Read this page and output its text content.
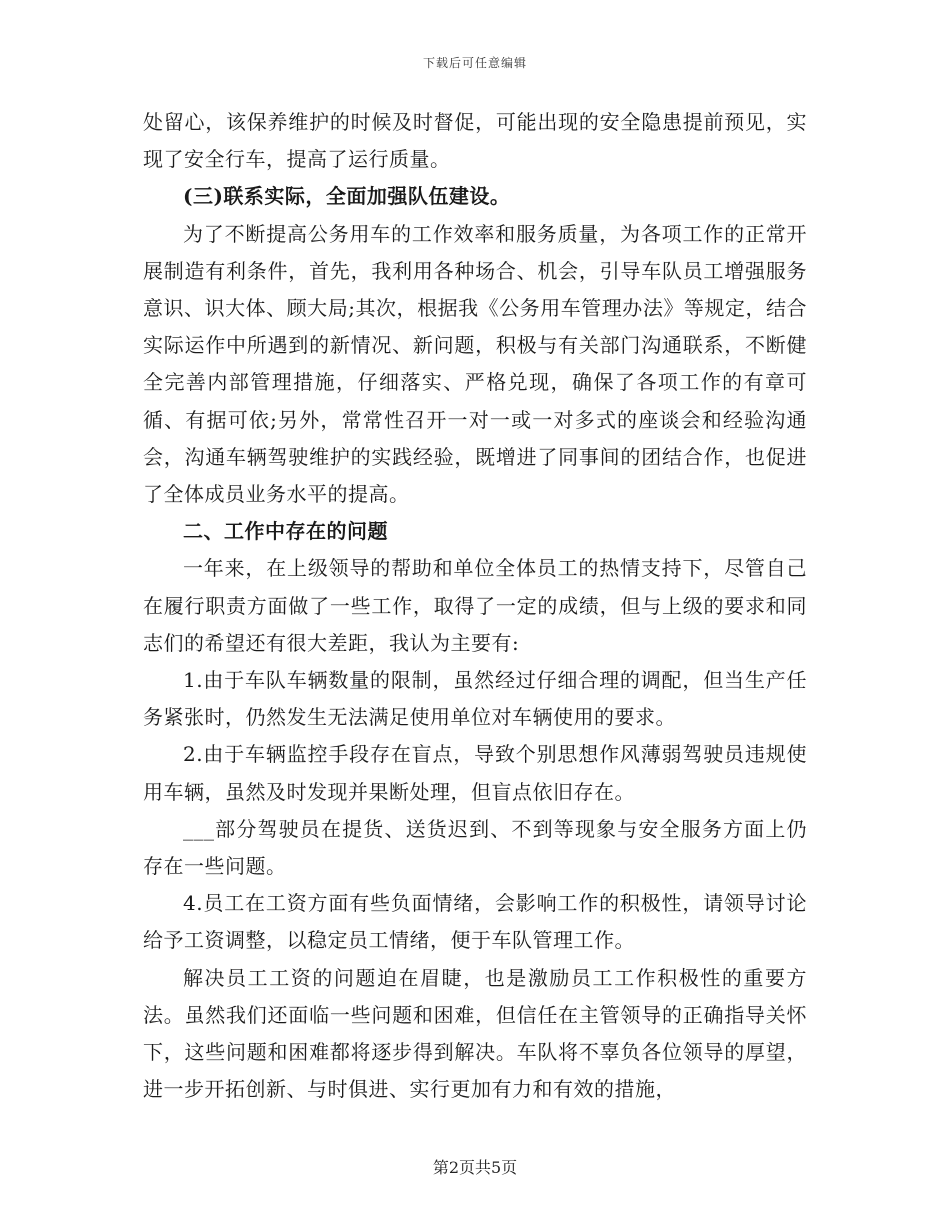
下载后可任意编辑

处留心，该保养维护的时候及时督促，可能出现的安全隐患提前预见，实现了安全行车，提高了运行质量。

(三)联系实际，全面加强队伍建设。

为了不断提高公务用车的工作效率和服务质量，为各项工作的正常开展制造有利条件，首先，我利用各种场合、机会，引导车队员工增强服务意识、识大体、顾大局;其次，根据我《公务用车管理办法》等规定，结合实际运作中所遇到的新情况、新问题，积极与有关部门沟通联系，不断健全完善内部管理措施，仔细落实、严格兑现，确保了各项工作的有章可循、有据可依;另外，常常性召开一对一或一对多式的座谈会和经验沟通会，沟通车辆驾驶维护的实践经验，既增进了同事间的团结合作，也促进了全体成员业务水平的提高。

二、工作中存在的问题

一年来，在上级领导的帮助和单位全体员工的热情支持下，尽管自己在履行职责方面做了一些工作，取得了一定的成绩，但与上级的要求和同志们的希望还有很大差距，我认为主要有:

1.由于车队车辆数量的限制，虽然经过仔细合理的调配，但当生产任务紧张时，仍然发生无法满足使用单位对车辆使用的要求。

2.由于车辆监控手段存在盲点，导致个别思想作风薄弱驾驶员违规使用车辆，虽然及时发现并果断处理，但盲点依旧存在。

___部分驾驶员在提货、送货迟到、不到等现象与安全服务方面上仍存在一些问题。

4.员工在工资方面有些负面情绪，会影响工作的积极性，请领导讨论给予工资调整，以稳定员工情绪，便于车队管理工作。

解决员工工资的问题迫在眉睫，也是激励员工工作积极性的重要方法。虽然我们还面临一些问题和困难，但信任在主管领导的正确指导关怀下，这些问题和困难都将逐步得到解决。车队将不辜负各位领导的厚望，进一步开拓创新、与时俱进、实行更加有力和有效的措施，

第2页共5页
